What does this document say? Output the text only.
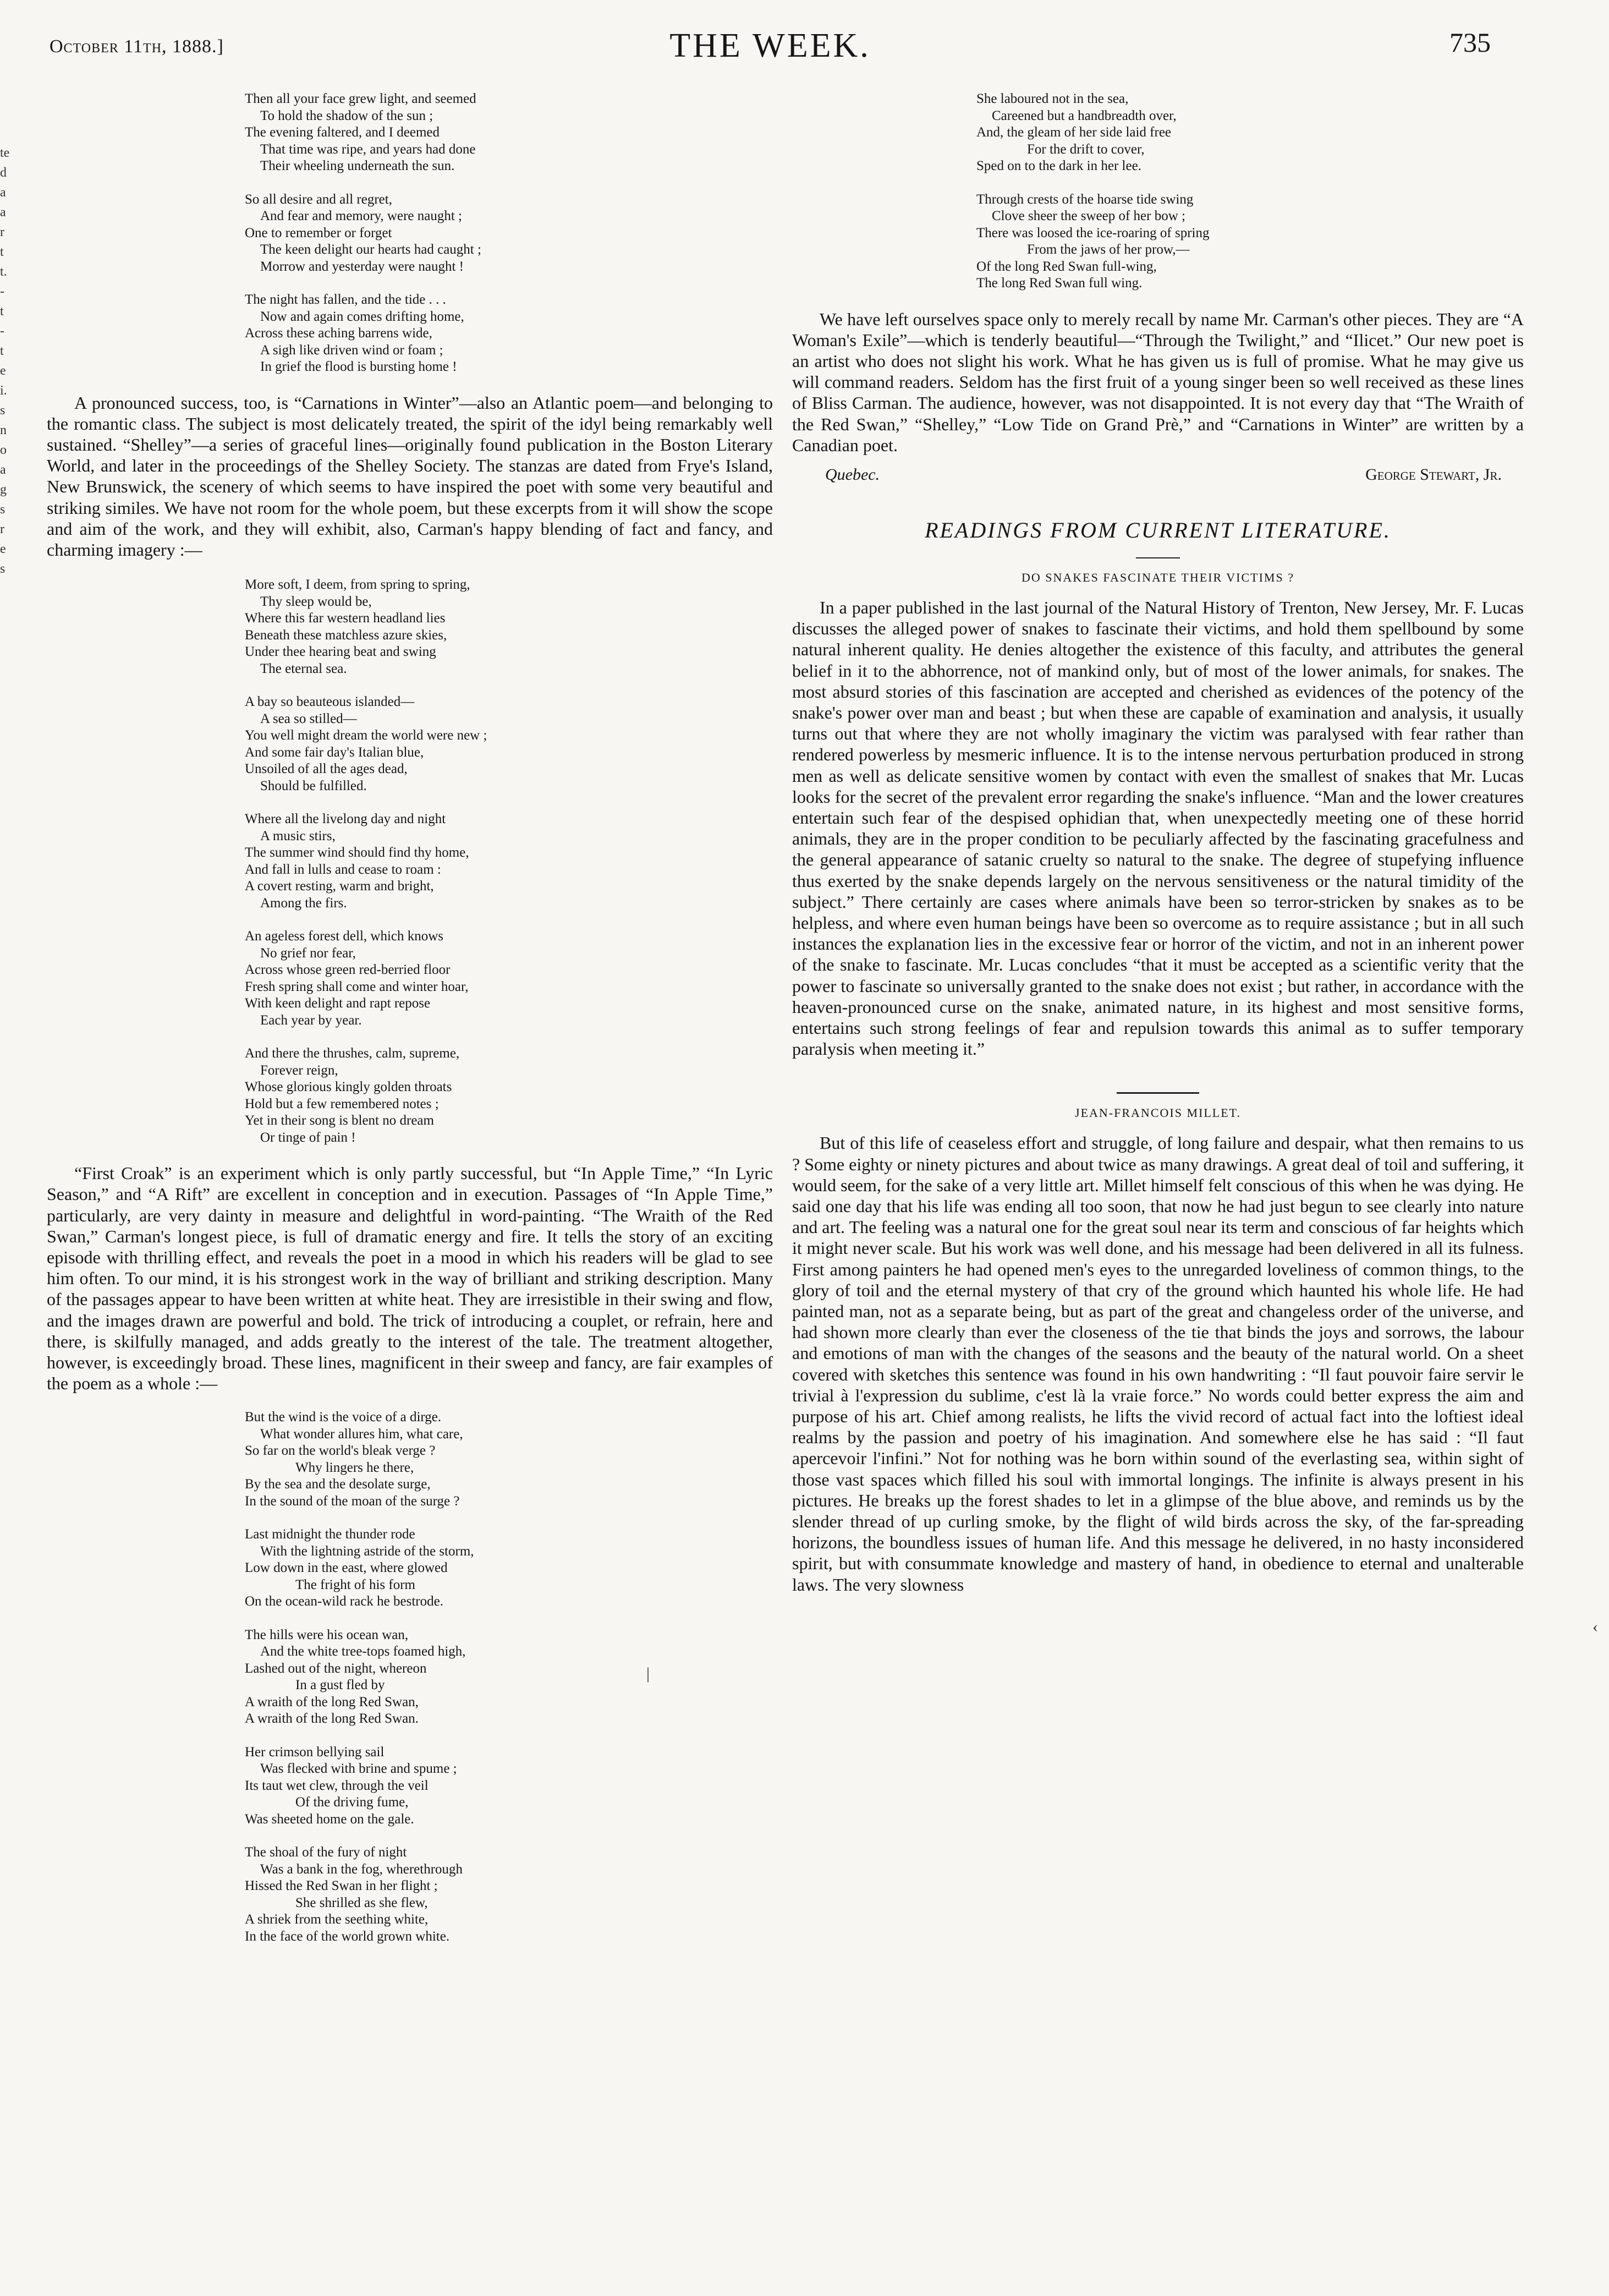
October 11th, 1888.]	THE WEEK.	735
te
d
a
a
r
t
t.
-
t
-
t
e
i.
s
n
o
a
g
s
r
e
s
Then all your face grew light, and seemed
To hold the shadow of the sun ;
The evening faltered, and I deemed
That time was ripe, and years had done
Their wheeling underneath the sun.
So all desire and all regret,
And fear and memory, were naught ;
One to remember or forget
The keen delight our hearts had caught ;
Morrow and yesterday were naught !
The night has fallen, and the tide . . .
Now and again comes drifting home,
Across these aching barrens wide,
A sigh like driven wind or foam ;
In grief the flood is bursting home !

A pronounced success, too, is “Carnations in Winter”—also an Atlantic poem—and belonging to the romantic class. The subject is most delicately treated, the spirit of the idyl being remarkably well sustained. “Shelley”—a series of graceful lines—originally found publication in the Boston Literary World, and later in the proceedings of the Shelley Society. The stanzas are dated from Frye's Island, New Brunswick, the scenery of which seems to have inspired the poet with some very beautiful and striking similes. We have not room for the whole poem, but these excerpts from it will show the scope and aim of the work, and they will exhibit, also, Carman's happy blending of fact and fancy, and charming imagery :—

More soft, I deem, from spring to spring,
Thy sleep would be,
Where this far western headland lies
Beneath these matchless azure skies,
Under thee hearing beat and swing
The eternal sea.
A bay so beauteous islanded—
A sea so stilled—
You well might dream the world were new ;
And some fair day's Italian blue,
Unsoiled of all the ages dead,
Should be fulfilled.
Where all the livelong day and night
A music stirs,
The summer wind should find thy home,
And fall in lulls and cease to roam :
A covert resting, warm and bright,
Among the firs.
An ageless forest dell, which knows
No grief nor fear,
Across whose green red-berried floor
Fresh spring shall come and winter hoar,
With keen delight and rapt repose
Each year by year.
And there the thrushes, calm, supreme,
Forever reign,
Whose glorious kingly golden throats
Hold but a few remembered notes ;
Yet in their song is blent no dream
Or tinge of pain !

“First Croak” is an experiment which is only partly successful, but “In Apple Time,” “In Lyric Season,” and “A Rift” are excellent in conception and in execution. Passages of “In Apple Time,” particularly, are very dainty in measure and delightful in word-painting. “The Wraith of the Red Swan,” Carman's longest piece, is full of dramatic energy and fire. It tells the story of an exciting episode with thrilling effect, and reveals the poet in a mood in which his readers will be glad to see him often. To our mind, it is his strongest work in the way of brilliant and striking description. Many of the passages appear to have been written at white heat. They are irresistible in their swing and flow, and the images drawn are powerful and bold. The trick of introducing a couplet, or refrain, here and there, is skilfully managed, and adds greatly to the interest of the tale. The treatment altogether, however, is exceedingly broad. These lines, magnificent in their sweep and fancy, are fair examples of the poem as a whole :—

But the wind is the voice of a dirge.
What wonder allures him, what care,
So far on the world's bleak verge ?
Why lingers he there,
By the sea and the desolate surge,
In the sound of the moan of the surge ?
Last midnight the thunder rode
With the lightning astride of the storm,
Low down in the east, where glowed
The fright of his form
On the ocean-wild rack he bestrode.
The hills were his ocean wan,
And the white tree-tops foamed high,
Lashed out of the night, whereon
In a gust fled by
A wraith of the long Red Swan,
A wraith of the long Red Swan.
Her crimson bellying sail
Was flecked with brine and spume ;
Its taut wet clew, through the veil
Of the driving fume,
Was sheeted home on the gale.
The shoal of the fury of night
Was a bank in the fog, wherethrough
Hissed the Red Swan in her flight ;
She shrilled as she flew,
A shriek from the seething white,
In the face of the world grown white.
She laboured not in the sea,
Careened but a handbreadth over,
And, the gleam of her side laid free
For the drift to cover,
Sped on to the dark in her lee.
Through crests of the hoarse tide swing
Clove sheer the sweep of her bow ;
There was loosed the ice-roaring of spring
From the jaws of her prow,—
Of the long Red Swan full-wing,
The long Red Swan full wing.

We have left ourselves space only to merely recall by name Mr. Carman's other pieces. They are “A Woman's Exile”—which is tenderly beautiful—“Through the Twilight,” and “Ilicet.” Our new poet is an artist who does not slight his work. What he has given us is full of promise. What he may give us will command readers. Seldom has the first fruit of a young singer been so well received as these lines of Bliss Carman. The audience, however, was not disappointed. It is not every day that “The Wraith of the Red Swan,” “Shelley,” “Low Tide on Grand Prè,” and “Carnations in Winter” are written by a Canadian poet.

Quebec.	George Stewart, Jr.
READINGS FROM CURRENT LITERATURE.
DO SNAKES FASCINATE THEIR VICTIMS ?

In a paper published in the last journal of the Natural History of Trenton, New Jersey, Mr. F. Lucas discusses the alleged power of snakes to fascinate their victims, and hold them spellbound by some natural inherent quality. He denies altogether the existence of this faculty, and attributes the general belief in it to the abhorrence, not of mankind only, but of most of the lower animals, for snakes. The most absurd stories of this fascination are accepted and cherished as evidences of the potency of the snake's power over man and beast ; but when these are capable of examination and analysis, it usually turns out that where they are not wholly imaginary the victim was paralysed with fear rather than rendered powerless by mesmeric influence. It is to the intense nervous perturbation produced in strong men as well as delicate sensitive women by contact with even the smallest of snakes that Mr. Lucas looks for the secret of the prevalent error regarding the snake's influence. “Man and the lower creatures entertain such fear of the despised ophidian that, when unexpectedly meeting one of these horrid animals, they are in the proper condition to be peculiarly affected by the fascinating gracefulness and the general appearance of satanic cruelty so natural to the snake. The degree of stupefying influence thus exerted by the snake depends largely on the nervous sensitiveness or the natural timidity of the subject.” There certainly are cases where animals have been so terror-stricken by snakes as to be helpless, and where even human beings have been so overcome as to require assistance ; but in all such instances the explanation lies in the excessive fear or horror of the victim, and not in an inherent power of the snake to fascinate. Mr. Lucas concludes “that it must be accepted as a scientific verity that the power to fascinate so universally granted to the snake does not exist ; but rather, in accordance with the heaven-pronounced curse on the snake, animated nature, in its highest and most sensitive forms, entertains such strong feelings of fear and repulsion towards this animal as to suffer temporary paralysis when meeting it.”

JEAN-FRANCOIS MILLET.

But of this life of ceaseless effort and struggle, of long failure and despair, what then remains to us ? Some eighty or ninety pictures and about twice as many drawings. A great deal of toil and suffering, it would seem, for the sake of a very little art. Millet himself felt conscious of this when he was dying. He said one day that his life was ending all too soon, that now he had just begun to see clearly into nature and art. The feeling was a natural one for the great soul near its term and conscious of far heights which it might never scale. But his work was well done, and his message had been delivered in all its fulness. First among painters he had opened men's eyes to the unregarded loveliness of common things, to the glory of toil and the eternal mystery of that cry of the ground which haunted his whole life. He had painted man, not as a separate being, but as part of the great and changeless order of the universe, and had shown more clearly than ever the closeness of the tie that binds the joys and sorrows, the labour and emotions of man with the changes of the seasons and the beauty of the natural world. On a sheet covered with sketches this sentence was found in his own handwriting : “Il faut pouvoir faire servir le trivial à l'expression du sublime, c'est là la vraie force.” No words could better express the aim and purpose of his art. Chief among realists, he lifts the vivid record of actual fact into the loftiest ideal realms by the passion and poetry of his imagination. And somewhere else he has said : “Il faut apercevoir l'infini.” Not for nothing was he born within sound of the everlasting sea, within sight of those vast spaces which filled his soul with immortal longings. The infinite is always present in his pictures. He breaks up the forest shades to let in a glimpse of the blue above, and reminds us by the slender thread of up curling smoke, by the flight of wild birds across the sky, of the far-spreading horizons, the boundless issues of human life. And this message he delivered, in no hasty inconsidered spirit, but with consummate knowledge and mastery of hand, in obedience to eternal and unalterable laws. The very slowness

|
‹
